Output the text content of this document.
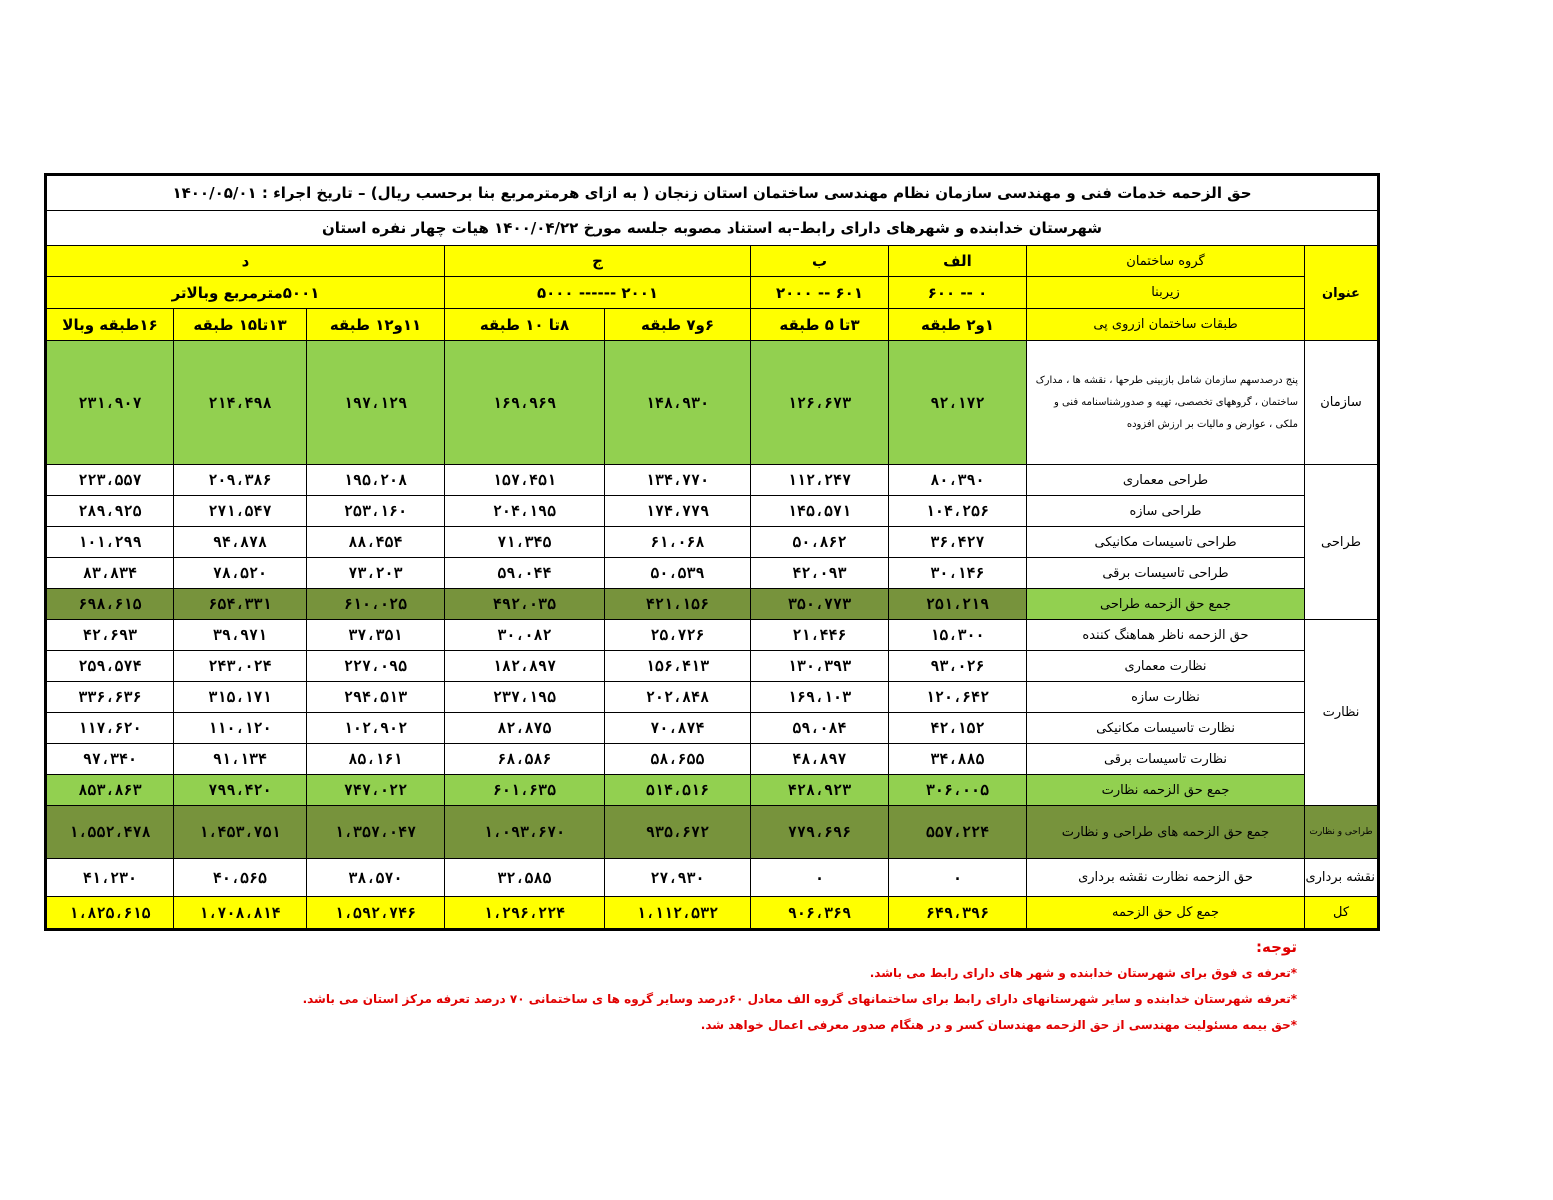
حق الزحمه خدمات فنی و مهندسی سازمان نظام مهندسی ساختمان استان زنجان ( به ازای هرمترمربع بنا برحسب ریال) – تاریخ اجراء : ۱۴۰۰/۰۵/۰۱								
شهرستان خدابنده و شهرهای دارای رابط–به استناد مصوبه جلسه مورخ ۱۴۰۰/۰۴/۲۲ هیات چهار نفره استان								
عنوان	گروه ساختمان	الف	ب	ج		د		
	زیربنا	۰ -- ۶۰۰	۶۰۱ -- ۲۰۰۰	۲۰۰۱ ------ ۵۰۰۰		۵۰۰۱مترمربع وبالاتر		
	طبقات ساختمان ازروی پی	۱و۲ طبقه	۳تا ۵ طبقه	۶و۷ طبقه	۸تا ۱۰ طبقه	۱۱و۱۲ طبقه	۱۳تا۱۵ طبقه	۱۶طبقه وبالا
سازمان	پنج درصدسهم سازمان شامل بازبینی طرحها ، نقشه ها ، مدارک ساختمان ، گروههای تخصصی، تهیه و صدورشناسنامه فنی و ملکی ، عوارض و مالیات بر ارزش افزوده	۹۲،۱۷۲	۱۲۶،۶۷۳	۱۴۸،۹۳۰	۱۶۹،۹۶۹	۱۹۷،۱۲۹	۲۱۴،۴۹۸	۲۳۱،۹۰۷
طراحی	طراحی معماری	۸۰،۳۹۰	۱۱۲،۲۴۷	۱۳۴،۷۷۰	۱۵۷،۴۵۱	۱۹۵،۲۰۸	۲۰۹،۳۸۶	۲۲۳،۵۵۷
	طراحی سازه	۱۰۴،۲۵۶	۱۴۵،۵۷۱	۱۷۴،۷۷۹	۲۰۴،۱۹۵	۲۵۳،۱۶۰	۲۷۱،۵۴۷	۲۸۹،۹۲۵
	طراحی تاسیسات مکانیکی	۳۶،۴۲۷	۵۰،۸۶۲	۶۱،۰۶۸	۷۱،۳۴۵	۸۸،۴۵۴	۹۴،۸۷۸	۱۰۱،۲۹۹
	طراحی تاسیسات برقی	۳۰،۱۴۶	۴۲،۰۹۳	۵۰،۵۳۹	۵۹،۰۴۴	۷۳،۲۰۳	۷۸،۵۲۰	۸۳،۸۳۴
	جمع حق الزحمه طراحی	۲۵۱،۲۱۹	۳۵۰،۷۷۳	۴۲۱،۱۵۶	۴۹۲،۰۳۵	۶۱۰،۰۲۵	۶۵۴،۳۳۱	۶۹۸،۶۱۵
نظارت	حق الزحمه ناظر هماهنگ کننده	۱۵،۳۰۰	۲۱،۴۴۶	۲۵،۷۲۶	۳۰،۰۸۲	۳۷،۳۵۱	۳۹،۹۷۱	۴۲،۶۹۳
	نظارت معماری	۹۳،۰۲۶	۱۳۰،۳۹۳	۱۵۶،۴۱۳	۱۸۲،۸۹۷	۲۲۷،۰۹۵	۲۴۳،۰۲۴	۲۵۹،۵۷۴
	نظارت سازه	۱۲۰،۶۴۲	۱۶۹،۱۰۳	۲۰۲،۸۴۸	۲۳۷،۱۹۵	۲۹۴،۵۱۳	۳۱۵،۱۷۱	۳۳۶،۶۳۶
	نظارت تاسیسات مکانیکی	۴۲،۱۵۲	۵۹،۰۸۴	۷۰،۸۷۴	۸۲،۸۷۵	۱۰۲،۹۰۲	۱۱۰،۱۲۰	۱۱۷،۶۲۰
	نظارت تاسیسات برقی	۳۴،۸۸۵	۴۸،۸۹۷	۵۸،۶۵۵	۶۸،۵۸۶	۸۵،۱۶۱	۹۱،۱۳۴	۹۷،۳۴۰
	جمع حق الزحمه نظارت	۳۰۶،۰۰۵	۴۲۸،۹۲۳	۵۱۴،۵۱۶	۶۰۱،۶۳۵	۷۴۷،۰۲۲	۷۹۹،۴۲۰	۸۵۳،۸۶۳
طراحی و نظارت	جمع حق الزحمه های طراحی و نظارت	۵۵۷،۲۲۴	۷۷۹،۶۹۶	۹۳۵،۶۷۲	۱،۰۹۳،۶۷۰	۱،۳۵۷،۰۴۷	۱،۴۵۳،۷۵۱	۱،۵۵۲،۴۷۸
نقشه برداری	حق الزحمه نظارت نقشه برداری	۰	۰	۲۷،۹۳۰	۳۲،۵۸۵	۳۸،۵۷۰	۴۰،۵۶۵	۴۱،۲۳۰
کل	جمع کل حق الزحمه	۶۴۹،۳۹۶	۹۰۶،۳۶۹	۱،۱۱۲،۵۳۲	۱،۲۹۶،۲۲۴	۱،۵۹۲،۷۴۶	۱،۷۰۸،۸۱۴	۱،۸۲۵،۶۱۵
توجه:
*تعرفه ی فوق برای شهرستان خدابنده و شهر های دارای رابط می باشد.
*تعرفه شهرستان خدابنده و سایر شهرستانهای دارای رابط برای ساختمانهای گروه الف معادل ۶۰درصد وسایر گروه ها ی ساختمانی ۷۰ درصد تعرفه مرکز استان می باشد.
*حق بیمه مسئولیت مهندسی از حق الزحمه مهندسان کسر و در هنگام صدور معرفی اعمال خواهد شد.
